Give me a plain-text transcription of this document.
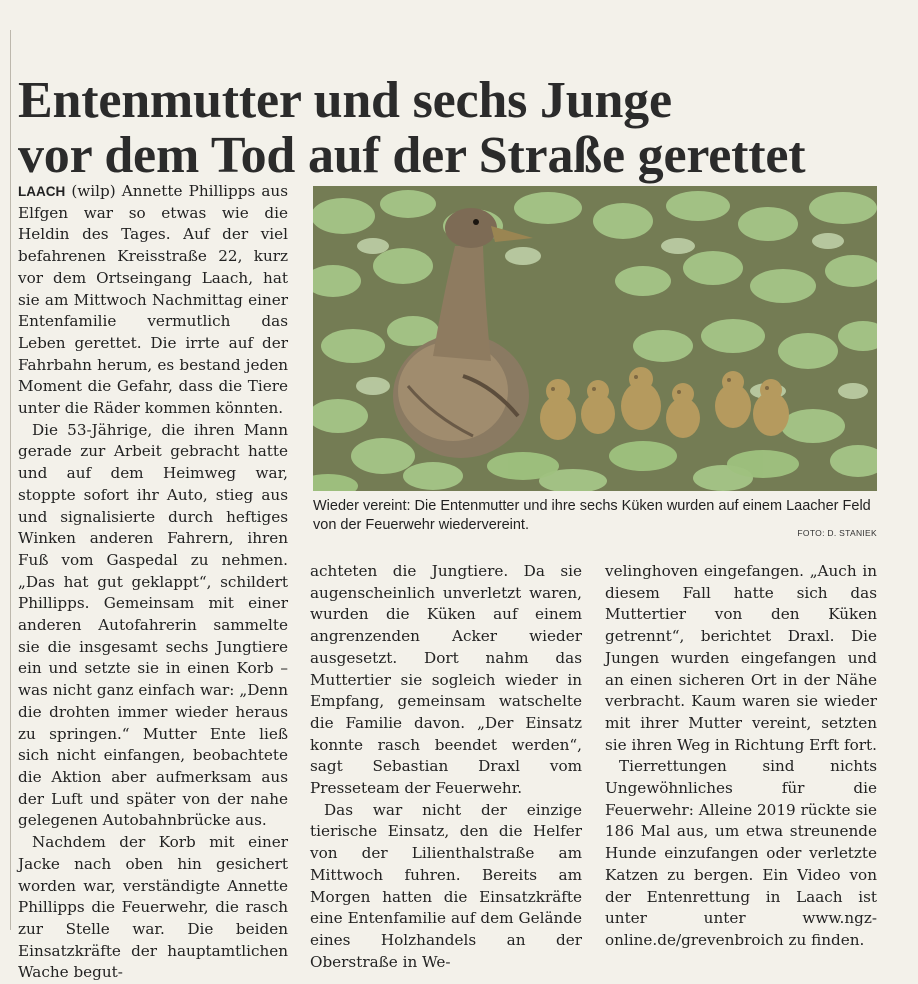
Entenmutter und sechs Junge
vor dem Tod auf der Straße gerettet

LAACH (wilp) Annette Phillipps aus Elfgen war so etwas wie die Heldin des Tages. Auf der viel befahrenen Kreisstraße 22, kurz vor dem Ortseingang Laach, hat sie am Mittwoch Nachmittag einer Entenfamilie vermutlich das Leben gerettet. Die irrte auf der Fahrbahn herum, es bestand jeden Moment die Gefahr, dass die Tiere unter die Räder kommen könnten.

Die 53-Jährige, die ihren Mann gerade zur Arbeit gebracht hatte und auf dem Heimweg war, stoppte sofort ihr Auto, stieg aus und signalisierte durch heftiges Winken anderen Fahrern, ihren Fuß vom Gaspedal zu nehmen. „Das hat gut geklappt“, schildert Phillipps. Gemeinsam mit einer anderen Autofahrerin sammelte sie die insgesamt sechs Jungtiere ein und setzte sie in einen Korb – was nicht ganz einfach war: „Denn die drohten immer wieder heraus zu springen.“ Mutter Ente ließ sich nicht einfangen, beobachtete die Aktion aber aufmerksam aus der Luft und später von der nahe gelegenen Autobahnbrücke aus.

Nachdem der Korb mit einer Jacke nach oben hin gesichert worden war, verständigte Annette Phillipps die Feuerwehr, die rasch zur Stelle war. Die beiden Einsatzkräfte der hauptamtlichen Wache begut-

Wieder vereint: Die Entenmutter und ihre sechs Küken wurden auf einem Laacher Feld von der Feuerwehr wiedervereint.	FOTO: D. STANIEK

achteten die Jungtiere. Da sie augenscheinlich unverletzt waren, wurden die Küken auf einem angrenzenden Acker wieder ausgesetzt. Dort nahm das Muttertier sie sogleich wieder in Empfang, gemeinsam watschelte die Familie davon. „Der Einsatz konnte rasch beendet werden“, sagt Sebastian Draxl vom Presseteam der Feuerwehr.

Das war nicht der einzige tierische Einsatz, den die Helfer von der Lilienthalstraße am Mittwoch fuhren. Bereits am Morgen hatten die Einsatzkräfte eine Entenfamilie auf dem Gelände eines Holzhandels an der Oberstraße in We-

velinghoven eingefangen. „Auch in diesem Fall hatte sich das Muttertier von den Küken getrennt“, berichtet Draxl. Die Jungen wurden eingefangen und an einen sicheren Ort in der Nähe verbracht. Kaum waren sie wieder mit ihrer Mutter vereint, setzten sie ihren Weg in Richtung Erft fort.

Tierrettungen sind nichts Ungewöhnliches für die Feuerwehr: Alleine 2019 rückte sie 186 Mal aus, um etwa streunende Hunde einzufangen oder verletzte Katzen zu bergen. Ein Video von der Entenrettung in Laach ist unter unter www.ngz-online.de/grevenbroich zu finden.
